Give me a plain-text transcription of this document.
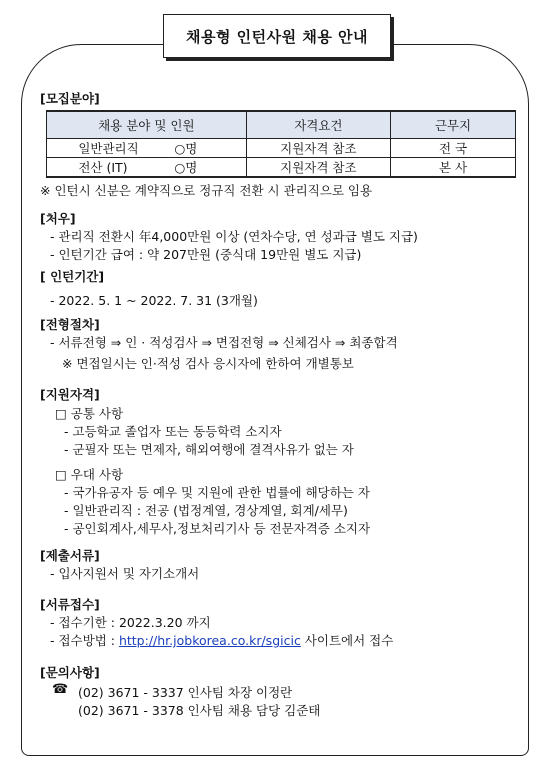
채용형 인턴사원 채용 안내
[모집분야]
채용 분야 및 인원	자격요건	근무지
일반관리직 ○명	지원자격 참조	전 국
전산 (IT) ○명	지원자격 참조	본 사
※ 인턴시 신분은 계약직으로 정규직 전환 시 관리직으로 임용
[처우]
- 관리직 전환시 年4,000만원 이상 (연차수당, 연 성과급 별도 지급)
- 인턴기간 급여 : 약 207만원 (중식대 19만원 별도 지급)
[ 인턴기간]
- 2022. 5. 1 ~ 2022. 7. 31 (3개월)
[전형절차]
- 서류전형 ⇒ 인 · 적성검사 ⇒ 면접전형 ⇒ 신체검사 ⇒ 최종합격
※ 면접일시는 인·적성 검사 응시자에 한하여 개별통보
[지원자격]
□ 공통 사항
- 고등학교 졸업자 또는 동등학력 소지자
- 군필자 또는 면제자, 해외여행에 결격사유가 없는 자
□ 우대 사항
- 국가유공자 등 예우 및 지원에 관한 법률에 해당하는 자
- 일반관리직 : 전공 (법정계열, 경상계열, 회계/세무)
- 공인회계사,세무사,정보처리기사 등 전문자격증 소지자
[제출서류]
- 입사지원서 및 자기소개서
[서류접수]
- 접수기한 : 2022.3.20 까지
- 접수방법 : http://hr.jobkorea.co.kr/sgicic 사이트에서 접수
[문의사항]
☎ (02) 3671 - 3337 인사팀 차장 이정란
(02) 3671 - 3378 인사팀 채용 담당 김준태
